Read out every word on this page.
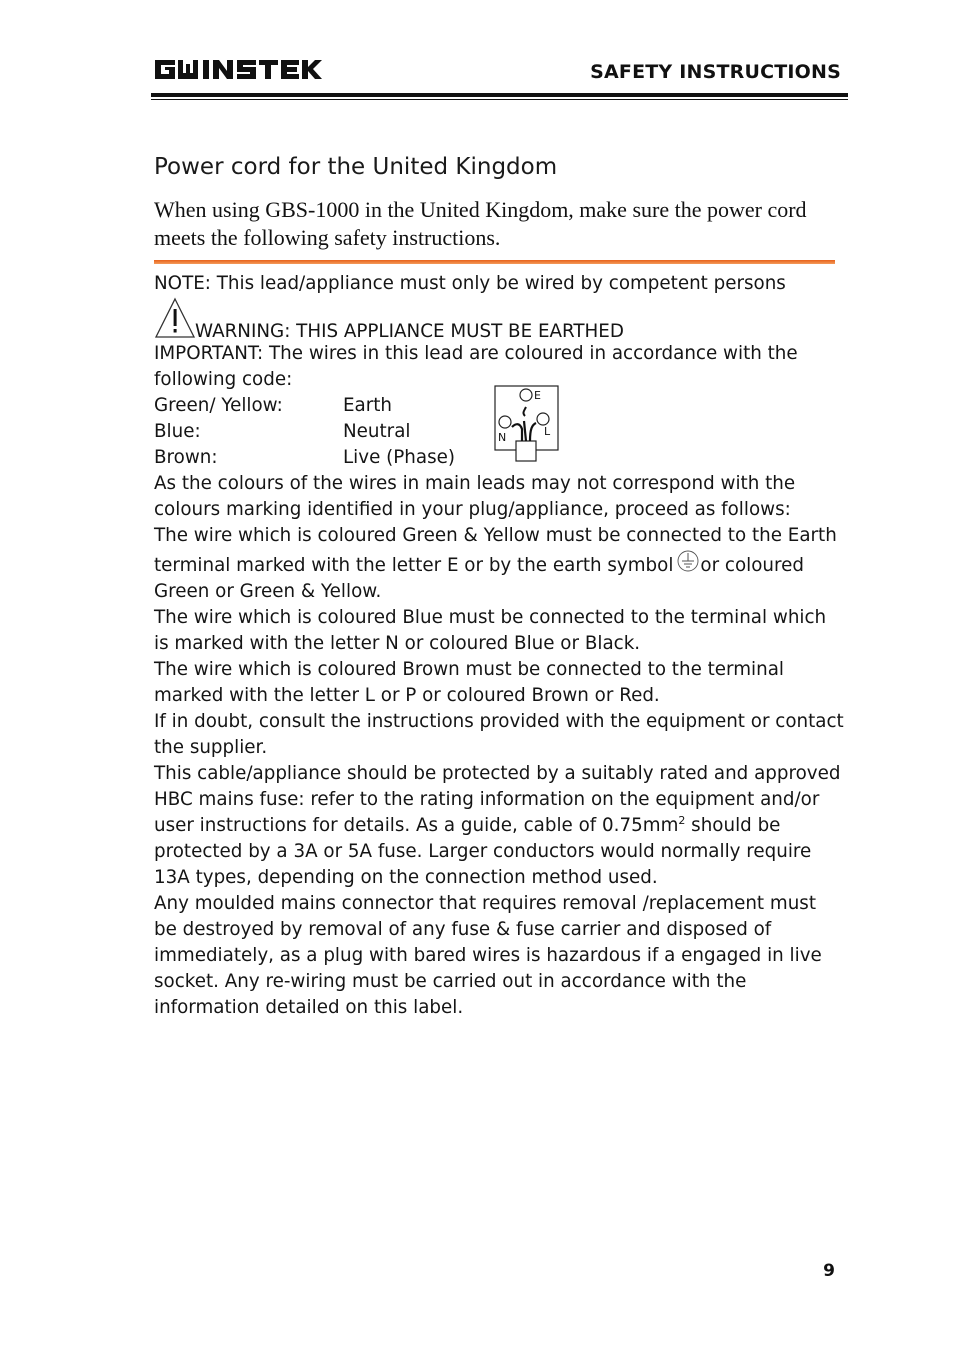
SAFETY INSTRUCTIONS
Power cord for the United Kingdom
When using GBS-1000 in the United Kingdom, make sure the power cord meets the following safety instructions.

NOTE: This lead/appliance must only be wired by competent persons

WARNING: THIS APPLIANCE MUST BE EARTHED

IMPORTANT: The wires in this lead are coloured in accordance with the following code:

Green/ Yellow:	Earth
Blue:	Neutral
Brown:	Live (Phase)
E
N	L

As the colours of the wires in main leads may not correspond with the colours marking identified in your plug/appliance, proceed as follows:

The wire which is coloured Green & Yellow must be connected to the Earth terminal marked with the letter E or by the earth symbol or coloured Green or Green & Yellow.

The wire which is coloured Blue must be connected to the terminal which is marked with the letter N or coloured Blue or Black.

The wire which is coloured Brown must be connected to the terminal marked with the letter L or P or coloured Brown or Red.

If in doubt, consult the instructions provided with the equipment or contact the supplier.

This cable/appliance should be protected by a suitably rated and approved HBC mains fuse: refer to the rating information on the equipment and/or user instructions for details. As a guide, cable of $0.75mm^2$ should be protected by a 3A or 5A fuse. Larger conductors would normally require 13A types, depending on the connection method used.

Any moulded mains connector that requires removal /replacement must be destroyed by removal of any fuse & fuse carrier and disposed of immediately, as a plug with bared wires is hazardous if a engaged in live socket. Any re-wiring must be carried out in accordance with the information detailed on this label.

9
